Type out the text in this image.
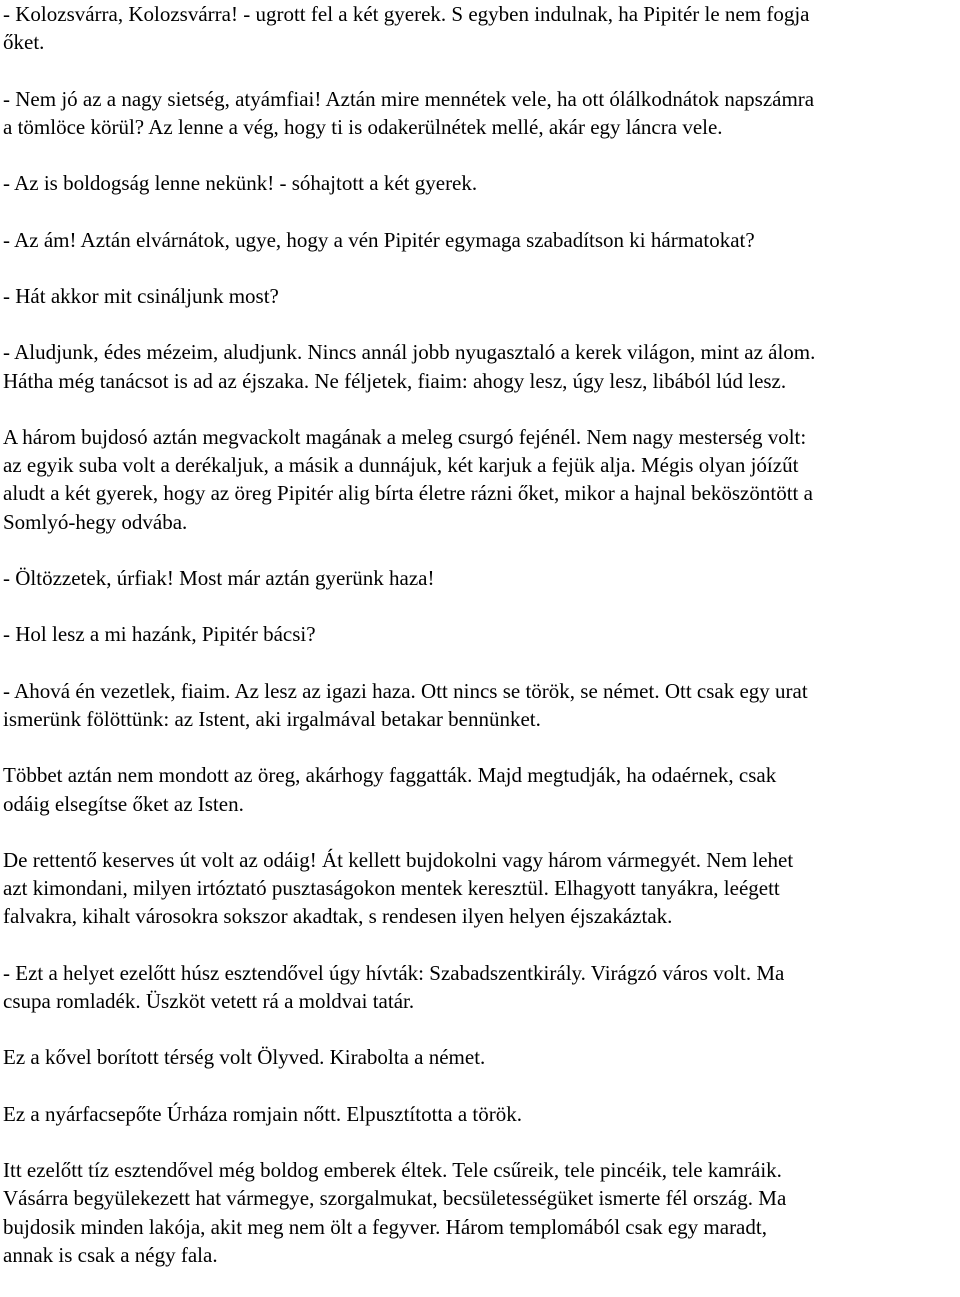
- Kolozsvárra, Kolozsvárra! - ugrott fel a két gyerek. S egyben indulnak, ha Pipitér le nem fogja
őket.

- Nem jó az a nagy sietség, atyámfiai! Aztán mire mennétek vele, ha ott ólálkodnátok napszámra
a tömlöce körül? Az lenne a vég, hogy ti is odakerülnétek mellé, akár egy láncra vele.

- Az is boldogság lenne nekünk! - sóhajtott a két gyerek.

- Az ám! Aztán elvárnátok, ugye, hogy a vén Pipitér egymaga szabadítson ki hármatokat?

- Hát akkor mit csináljunk most?

- Aludjunk, édes mézeim, aludjunk. Nincs annál jobb nyugasztaló a kerek világon, mint az álom.
Hátha még tanácsot is ad az éjszaka. Ne féljetek, fiaim: ahogy lesz, úgy lesz, libából lúd lesz.

A három bujdosó aztán megvackolt magának a meleg csurgó fejénél. Nem nagy mesterség volt:
az egyik suba volt a derékaljuk, a másik a dunnájuk, két karjuk a fejük alja. Mégis olyan jóízűt
aludt a két gyerek, hogy az öreg Pipitér alig bírta életre rázni őket, mikor a hajnal beköszöntött a
Somlyó-hegy odvába.

- Öltözzetek, úrfiak! Most már aztán gyerünk haza!

- Hol lesz a mi hazánk, Pipitér bácsi?

- Ahová én vezetlek, fiaim. Az lesz az igazi haza. Ott nincs se török, se német. Ott csak egy urat
ismerünk fölöttünk: az Istent, aki irgalmával betakar bennünket.

Többet aztán nem mondott az öreg, akárhogy faggatták. Majd megtudják, ha odaérnek, csak
odáig elsegítse őket az Isten.

De rettentő keserves út volt az odáig! Át kellett bujdokolni vagy három vármegyét. Nem lehet
azt kimondani, milyen irtóztató pusztaságokon mentek keresztül. Elhagyott tanyákra, leégett
falvakra, kihalt városokra sokszor akadtak, s rendesen ilyen helyen éjszakáztak.

- Ezt a helyet ezelőtt húsz esztendővel úgy hívták: Szabadszentkirály. Virágzó város volt. Ma
csupa romladék. Üszköt vetett rá a moldvai tatár.

Ez a kővel borított térség volt Ölyved. Kirabolta a német.

Ez a nyárfacsepőte Úrháza romjain nőtt. Elpusztította a török.

Itt ezelőtt tíz esztendővel még boldog emberek éltek. Tele csűreik, tele pincéik, tele kamráik.
Vásárra begyülekezett hat vármegye, szorgalmukat, becsületességüket ismerte fél ország. Ma
bujdosik minden lakója, akit meg nem ölt a fegyver. Három templomából csak egy maradt,
annak is csak a négy fala.
